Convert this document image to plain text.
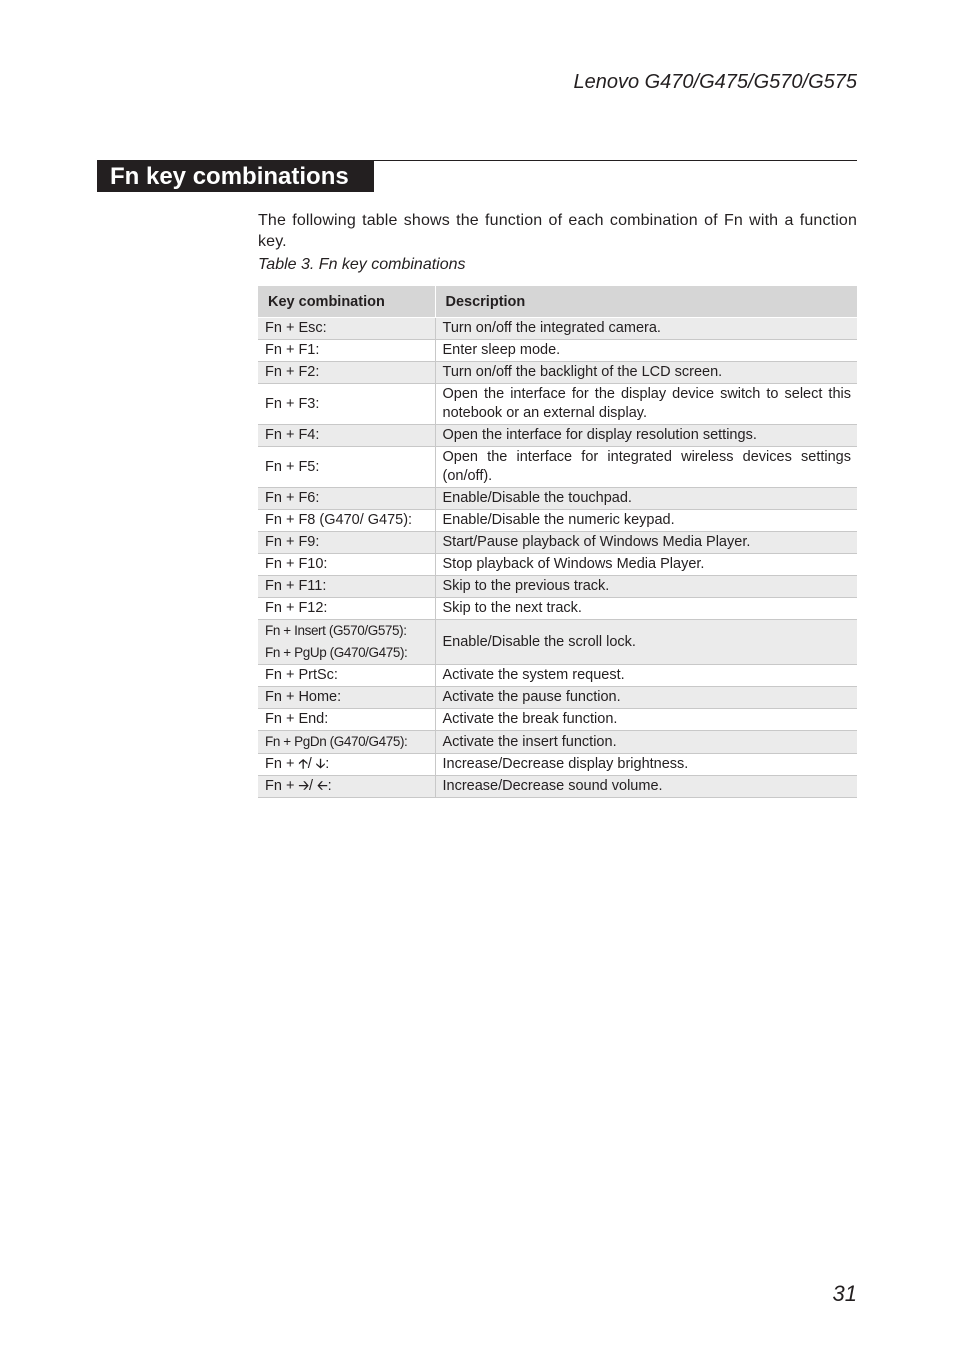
Lenovo G470/G475/G570/G575
Fn key combinations

The following table shows the function of each combination of Fn with a function key.

Table 3. Fn key combinations
Key combination	Description
Fn + Esc:	Turn on/off the integrated camera.
Fn + F1:	Enter sleep mode.
Fn + F2:	Turn on/off the backlight of the LCD screen.
Fn + F3:	Open the interface for the display device switch to select this notebook or an external display.
Fn + F4:	Open the interface for display resolution settings.
Fn + F5:	Open the interface for integrated wireless devices settings (on/off).
Fn + F6:	Enable/Disable the touchpad.
Fn + F8 (G470/ G475):	Enable/Disable the numeric keypad.
Fn + F9:	Start/Pause playback of Windows Media Player.
Fn + F10:	Stop playback of Windows Media Player.
Fn + F11:	Skip to the previous track.
Fn + F12:	Skip to the next track.

Fn + Insert (G570/G575):
Fn + PgUp (G470/G475):	Enable/Disable the scroll lock.
Fn + PrtSc:	Activate the system request.
Fn + Home:	Activate the pause function.
Fn + End:	Activate the break function.
Fn + PgDn (G470/G475):	Activate the insert function.
Fn + 🡡/ 🡣:	Increase/Decrease display brightness.
Fn + 🡢/ 🡠:	Increase/Decrease sound volume.
31
